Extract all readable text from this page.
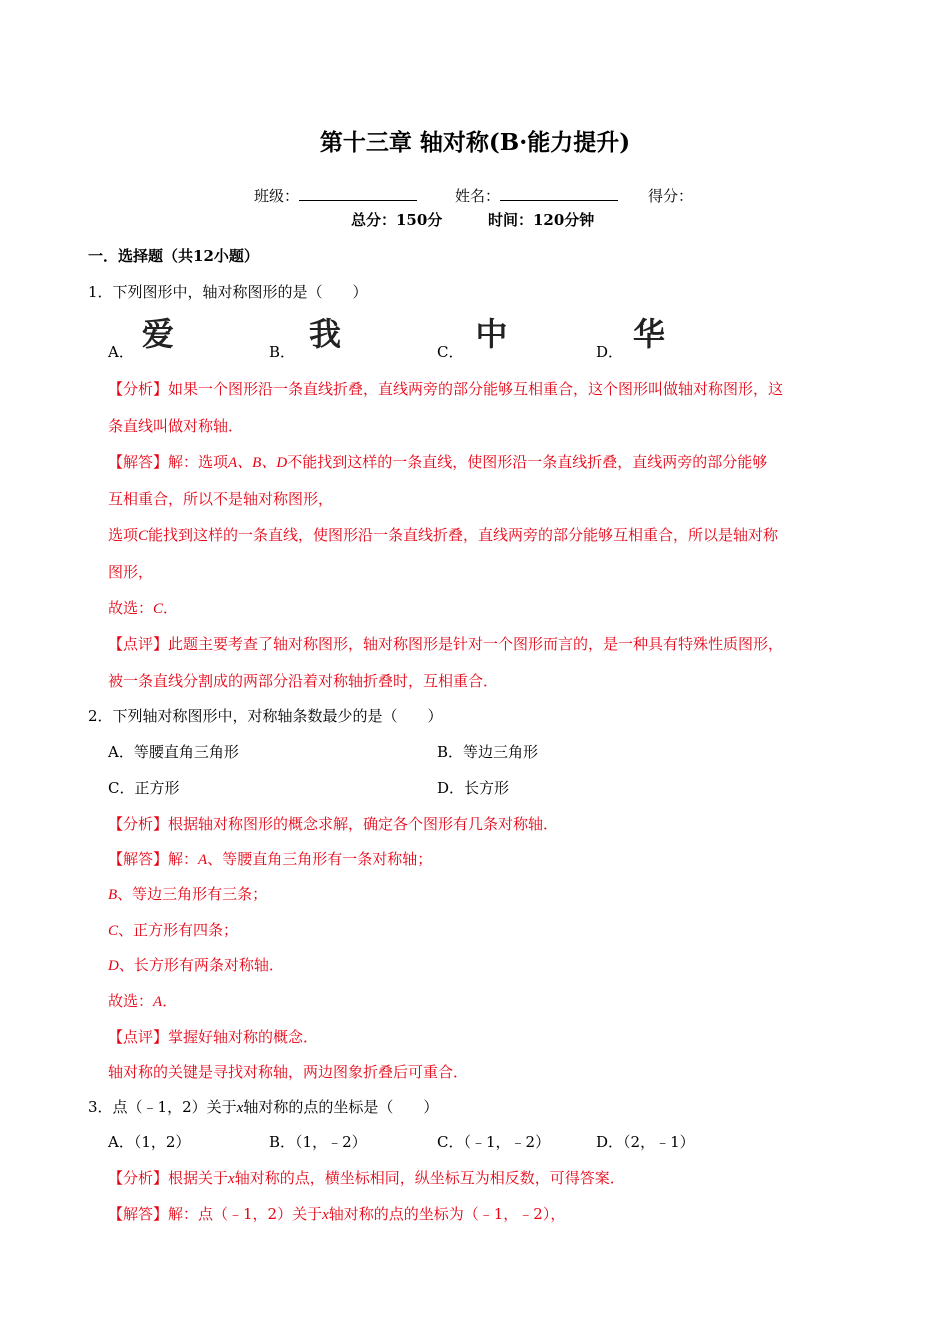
第十三章 轴对称(B·能力提升)
班级：	姓名：	得分：
总分：150分	时间：120分钟
一．选择题（共12小题）
1．下列图形中，轴对称图形的是（　　）
A． 爱	B． 我	C． 中	D． 华
【分析】如果一个图形沿一条直线折叠，直线两旁的部分能够互相重合，这个图形叫做轴对称图形，这
条直线叫做对称轴．
【解答】解：选项A、B、D不能找到这样的一条直线，使图形沿一条直线折叠，直线两旁的部分能够
互相重合，所以不是轴对称图形，
选项C能找到这样的一条直线，使图形沿一条直线折叠，直线两旁的部分能够互相重合，所以是轴对称
图形，
故选：C．
【点评】此题主要考查了轴对称图形，轴对称图形是针对一个图形而言的，是一种具有特殊性质图形，
被一条直线分割成的两部分沿着对称轴折叠时，互相重合．
2．下列轴对称图形中，对称轴条数最少的是（　　）
A．等腰直角三角形	B．等边三角形
C．正方形	D．长方形
【分析】根据轴对称图形的概念求解，确定各个图形有几条对称轴．
【解答】解：A、等腰直角三角形有一条对称轴；
B、等边三角形有三条；
C、正方形有四条；
D、长方形有两条对称轴．
故选：A．
【点评】掌握好轴对称的概念．
轴对称的关键是寻找对称轴，两边图象折叠后可重合．
3．点（﹣1，2）关于x轴对称的点的坐标是（　　）
A．（1，2）	B．（1，﹣2）	C．（﹣1，﹣2）	D．（2，﹣1）
【分析】根据关于x轴对称的点，横坐标相同，纵坐标互为相反数，可得答案．
【解答】解：点（﹣1，2）关于x轴对称的点的坐标为（﹣1，﹣2），
